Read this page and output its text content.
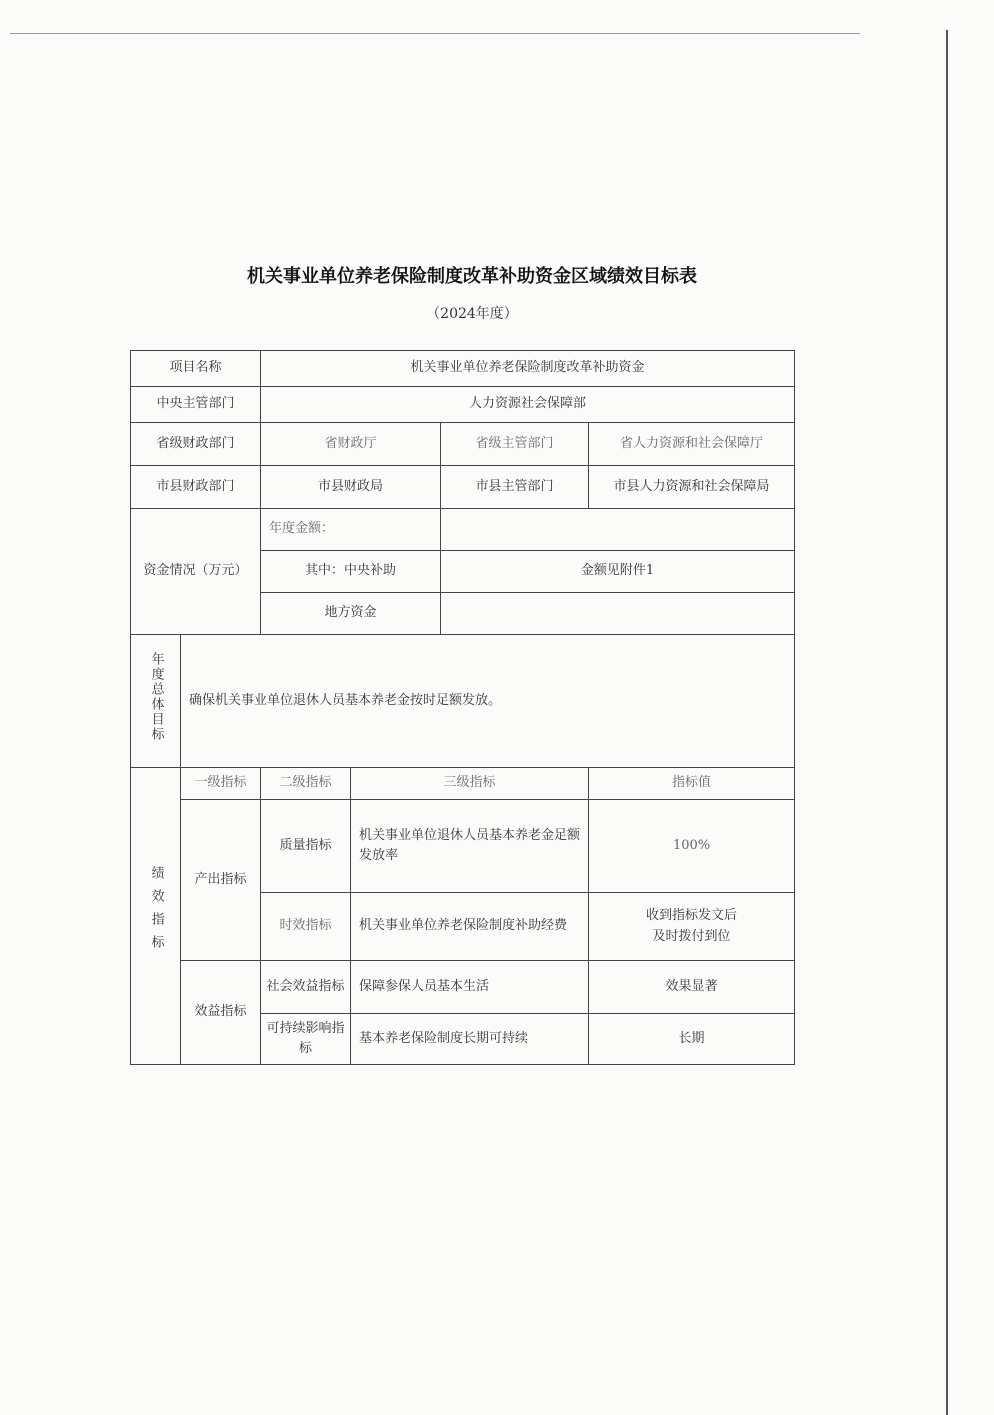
机关事业单位养老保险制度改革补助资金区域绩效目标表
（2024年度）
项目名称		机关事业单位养老保险制度改革补助资金			
中央主管部门		人力资源社会保障部			
省级财政部门		省财政厅		省级主管部门	省人力资源和社会保障厅
市县财政部门		市县财政局		市县主管部门	市县人力资源和社会保障局
资金情况（万元）		年度金额：			
		其中：中央补助		金额见附件1	
		地方资金			
年度总体目标	确保机关事业单位退休人员基本养老金按时足额发放。				
绩效指标	一级指标	二级指标	三级指标		指标值
	产出指标	质量指标	机关事业单位退休人员基本养老金足额发放率		100%
		时效指标	机关事业单位养老保险制度补助经费		收到指标发文后
及时拨付到位

	效益指标	社会效益指标	保障参保人员基本生活		效果显著
		可持续影响指标	基本养老保险制度长期可持续		长期
